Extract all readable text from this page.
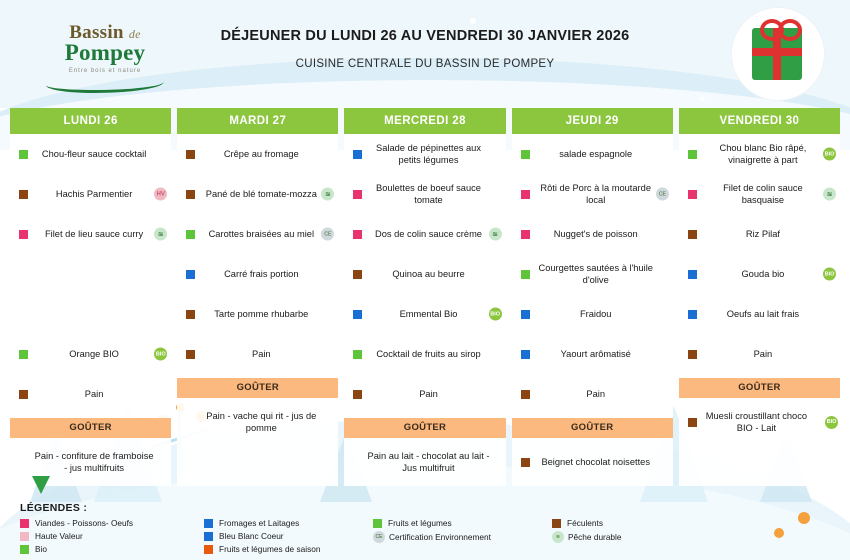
Bassin de
Pompey
Entre bois et nature
DÉJEUNER DU LUNDI 26 AU VENDREDI 30 JANVIER 2026
CUISINE CENTRALE DU BASSIN DE POMPEY
LUNDI 26
Chou-fleur sauce cocktail
Hachis Parmentier	HV
Filet de lieu sauce curry	≋
Orange BIO	BIO
Pain
GOÛTER
Pain - confiture de framboise - jus multifruits
MARDI 27
Crêpe au fromage
Pané de blé tomate-mozza	≋
Carottes braisées au miel	CE
Carré frais portion
Tarte pomme rhubarbe
Pain
GOÛTER
Pain - vache qui rit - jus de pomme
MERCREDI 28
Salade de pépinettes aux petits légumes
Boulettes de boeuf sauce tomate
Dos de colin sauce crème	≋
Quinoa au beurre
Emmental Bio	BIO
Cocktail de fruits au sirop
Pain
GOÛTER
Pain au lait - chocolat au lait - Jus multifruit
JEUDI 29
salade espagnole
Rôti de Porc à la moutarde local
CE
Nugget's de poisson
Courgettes sautées à l'huile d'olive
Fraidou
Yaourt arômatisé
Pain
GOÛTER
Beignet chocolat noisettes
VENDREDI 30
Chou blanc Bio râpé, vinaigrette à part
BIO
Filet de colin sauce basquaise
≋
Riz Pilaf
Gouda bio	BIO
Oeufs au lait frais
Pain
GOÛTER
Muesli croustillant choco BIO - Lait
BIO
LÉGENDES :
Viandes - Poissons- Oeufs
Haute Valeur
Bio
Fromages et Laitages
Bleu Blanc Coeur
Fruits et légumes de saison
Fruits et légumes
CE Certification Environnement
Féculents
≋ Pêche durable
